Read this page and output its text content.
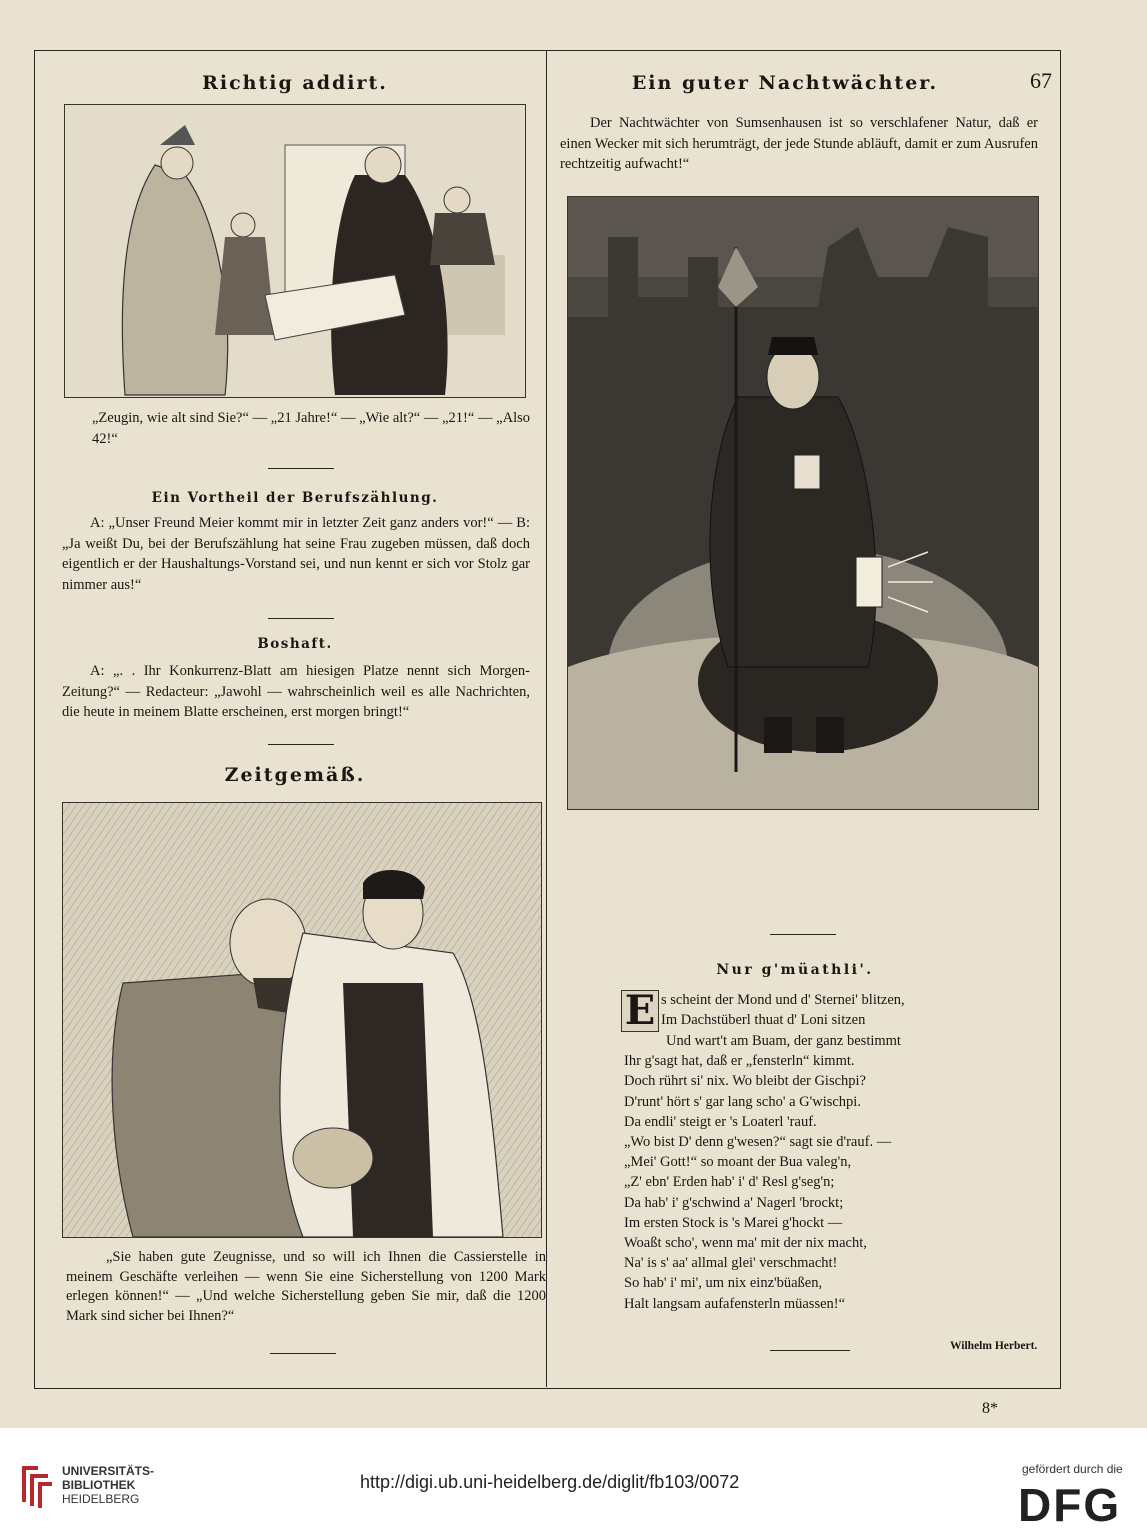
Richtig addirt.

„Zeugin, wie alt sind Sie?“ — „21 Jahre!“ — „Wie alt?“ — „21!“ — „Also 42!“

Ein Vortheil der Berufszählung.

A: „Unser Freund Meier kommt mir in letzter Zeit ganz anders vor!“ — B: „Ja weißt Du, bei der Berufszählung hat seine Frau zugeben müssen, daß doch eigentlich er der Haushaltungs-Vorstand sei, und nun kennt er sich vor Stolz gar nimmer aus!“

Boshaft.

A: „. . Ihr Konkurrenz-Blatt am hiesigen Platze nennt sich Morgen-Zeitung?“ — Redacteur: „Jawohl — wahrscheinlich weil es alle Nachrichten, die heute in meinem Blatte erscheinen, erst morgen bringt!“

Zeitgemäß.

„Sie haben gute Zeugnisse, und so will ich Ihnen die Cassierstelle in meinem Geschäfte verleihen — wenn Sie eine Sicherstellung von 1200 Mark erlegen können!“ — „Und welche Sicherstellung geben Sie mir, daß die 1200 Mark sind sicher bei Ihnen?“

Ein guter Nachtwächter.	67

Der Nachtwächter von Sumsenhausen ist so verschlafener Natur, daß er einen Wecker mit sich herumträgt, der jede Stunde abläuft, damit er zum Ausrufen rechtzeitig aufwacht!“

Nur g'müathli'.
E s scheint der Mond und d' Sternei' blitzen,
Im Dachstüberl thuat d' Loni sitzen
Und wart't am Buam, der ganz bestimmt
Ihr g'sagt hat, daß er „fensterln“ kimmt.
Doch rührt si' nix. Wo bleibt der Gischpi?
D'runt' hört s' gar lang scho' a G'wischpi.
Da endli' steigt er 's Loaterl 'rauf.
„Wo bist D' denn g'wesen?“ sagt sie d'rauf. —
„Mei' Gott!“ so moant der Bua valeg'n,
„Z' ebn' Erden hab' i' d' Resl g'seg'n;
Da hab' i' g'schwind a' Nagerl 'brockt;
Im ersten Stock is 's Marei g'hockt —
Woaßt scho', wenn ma' mit der nix macht,
Na' is s' aa' allmal glei' verschmacht!
So hab' i' mi', um nix einz'büaßen,
Halt langsam aufafensterln müassen!“
Wilhelm Herbert.
8*
UNIVERSITÄTS-
BIBLIOTHEK
HEIDELBERG
http://digi.ub.uni-heidelberg.de/diglit/fb103/0072
gefördert durch die
DFG
